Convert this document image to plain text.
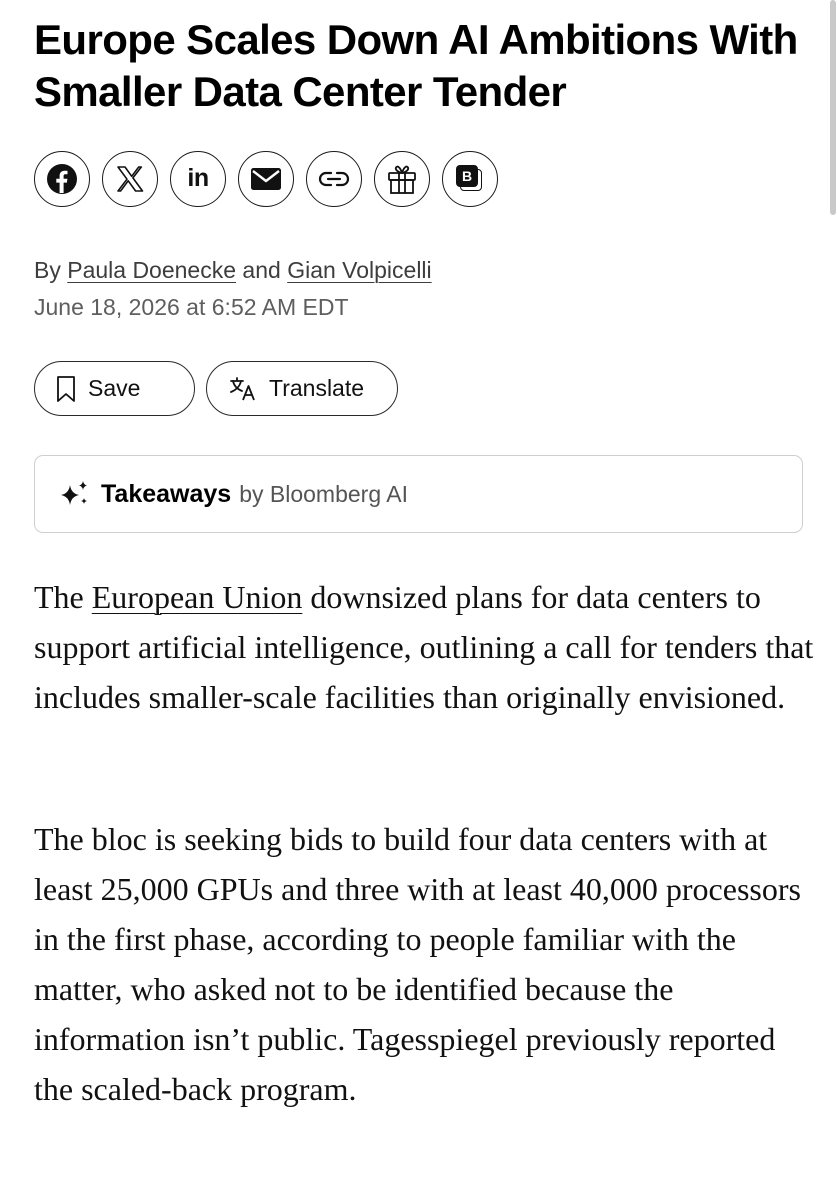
Europe Scales Down AI Ambitions With Smaller Data Center Tender
in	B
By Paula Doenecke and Gian Volpicelli
June 18, 2026 at 6:52 AM EDT
Save	Translate
Takeaways by Bloomberg AI

The European Union downsized plans for data centers to support artificial intelligence, outlining a call for tenders that includes smaller-scale facilities than originally envisioned.

The bloc is seeking bids to build four data centers with at least 25,000 GPUs and three with at least 40,000 processors in the first phase, according to people familiar with the matter, who asked not to be identified because the information isn’t public. Tagesspiegel previously reported the scaled-back program.
